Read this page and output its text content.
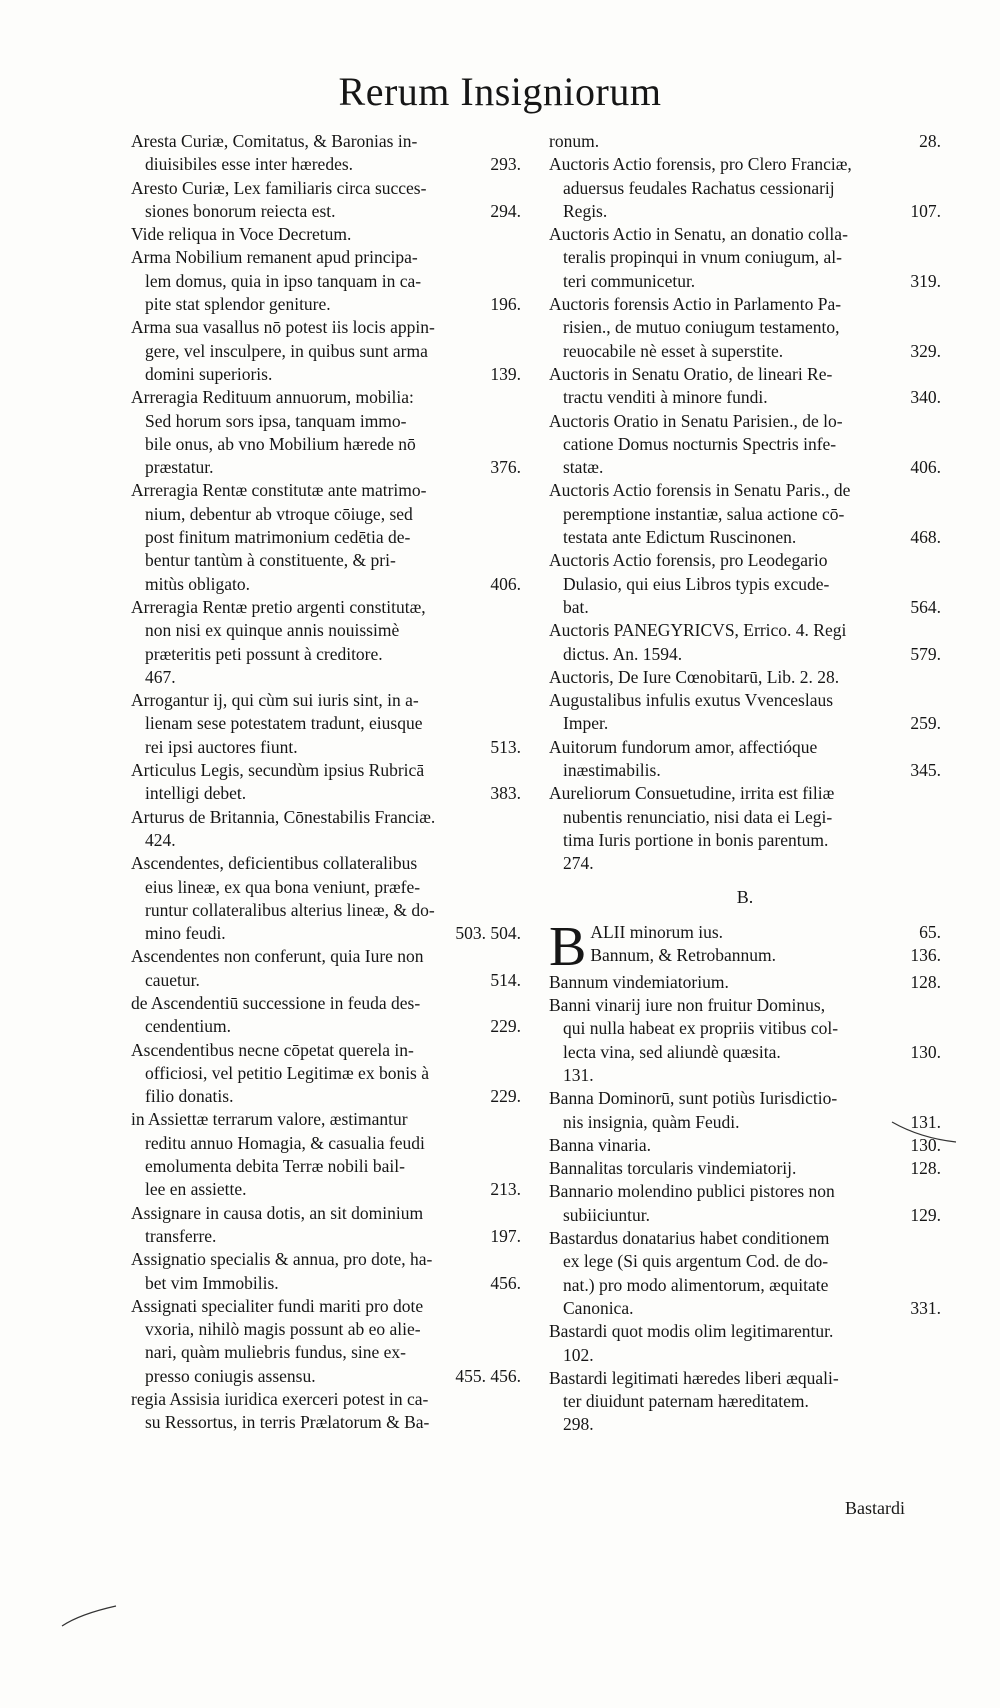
Rerum Insigniorum
Aresta Curiæ, Comitatus, & Baronias in-
diuisibiles esse inter hæredes.	293.
Aresto Curiæ, Lex familiaris circa succes-
siones bonorum reiecta est.	294.
Vide reliqua in Voce Decretum.
Arma Nobilium remanent apud principa-
lem domus, quia in ipso tanquam in ca-
pite stat splendor geniture.	196.
Arma sua vasallus nō potest iis locis appin-
gere, vel insculpere, in quibus sunt arma
domini superioris.	139.
Arreragia Redituum annuorum, mobilia:
Sed horum sors ipsa, tanquam immo-
bile onus, ab vno Mobilium hærede nō
præstatur.	376.
Arreragia Rentæ constitutæ ante matrimo-
nium, debentur ab vtroque cōiuge, sed
post finitum matrimonium cedētia de-
bentur tantùm à constituente, & pri-
mitùs obligato.	406.
Arreragia Rentæ pretio argenti constitutæ,
non nisi ex quinque annis nouissimè
præteritis peti possunt à creditore.
467.
Arrogantur ij, qui cùm sui iuris sint, in a-
lienam sese potestatem tradunt, eiusque
rei ipsi auctores fiunt.	513.
Articulus Legis, secundùm ipsius Rubricā
intelligi debet.	383.
Arturus de Britannia, Cōnestabilis Franciæ.
424.
Ascendentes, deficientibus collateralibus
eius lineæ, ex qua bona veniunt, præfe-
runtur collateralibus alterius lineæ, & do-
mino feudi.	503. 504.
Ascendentes non conferunt, quia Iure non
cauetur.	514.
de Ascendentiū successione in feuda des-
cendentium.	229.
Ascendentibus necne cōpetat querela in-
officiosi, vel petitio Legitimæ ex bonis à
filio donatis.	229.
in Assiettæ terrarum valore, æstimantur
reditu annuo Homagia, & casualia feudi
emolumenta debita Terræ nobili bail-
lee en assiette.	213.
Assignare in causa dotis, an sit dominium
transferre.	197.
Assignatio specialis & annua, pro dote, ha-
bet vim Immobilis.	456.
Assignati specialiter fundi mariti pro dote
vxoria, nihilò magis possunt ab eo alie-
nari, quàm muliebris fundus, sine ex-
presso coniugis assensu.	455. 456.
regia Assisia iuridica exerceri potest in ca-
su Ressortus, in terris Prælatorum & Ba-
ronum.	28.
Auctoris Actio forensis, pro Clero Franciæ,
aduersus feudales Rachatus cessionarij
Regis.	107.
Auctoris Actio in Senatu, an donatio colla-
teralis propinqui in vnum coniugum, al-
teri communicetur.	319.
Auctoris forensis Actio in Parlamento Pa-
risien., de mutuo coniugum testamento,
reuocabile nè esset à superstite.	329.
Auctoris in Senatu Oratio, de lineari Re-
tractu venditi à minore fundi.	340.
Auctoris Oratio in Senatu Parisien., de lo-
catione Domus nocturnis Spectris infe-
statæ.	406.
Auctoris Actio forensis in Senatu Paris., de
peremptione instantiæ, salua actione cō-
testata ante Edictum Ruscinonen.	468.
Auctoris Actio forensis, pro Leodegario
Dulasio, qui eius Libros typis excude-
bat.	564.
Auctoris PANEGYRICVS, Errico. 4. Regi
dictus. An. 1594.	579.
Auctoris, De Iure Cœnobitarū, Lib. 2. 28.
Augustalibus infulis exutus Vvenceslaus
Imper.	259.
Auitorum fundorum amor, affectióque
inæstimabilis.	345.
Aureliorum Consuetudine, irrita est filiæ
nubentis renunciatio, nisi data ei Legi-
tima Iuris portione in bonis parentum.
274.
B.
B ALII minorum ius.	65.
Bannum, & Retrobannum.	136.
Bannum vindemiatorium.	128.
Banni vinarij iure non fruitur Dominus,
qui nulla habeat ex propriis vitibus col-
lecta vina, sed aliundè quæsita.	130.
131.
Banna Dominorū, sunt potiùs Iurisdictio-
nis insignia, quàm Feudi.	131.
Banna vinaria.	130.
Bannalitas torcularis vindemiatorij.	128.
Bannario molendino publici pistores non
subiiciuntur.	129.
Bastardus donatarius habet conditionem
ex lege (Si quis argentum Cod. de do-
nat.) pro modo alimentorum, æquitate
Canonica.	331.
Bastardi quot modis olim legitimarentur.
102.
Bastardi legitimati hæredes liberi æquali-
ter diuidunt paternam hæreditatem.
298.
Bastardi
